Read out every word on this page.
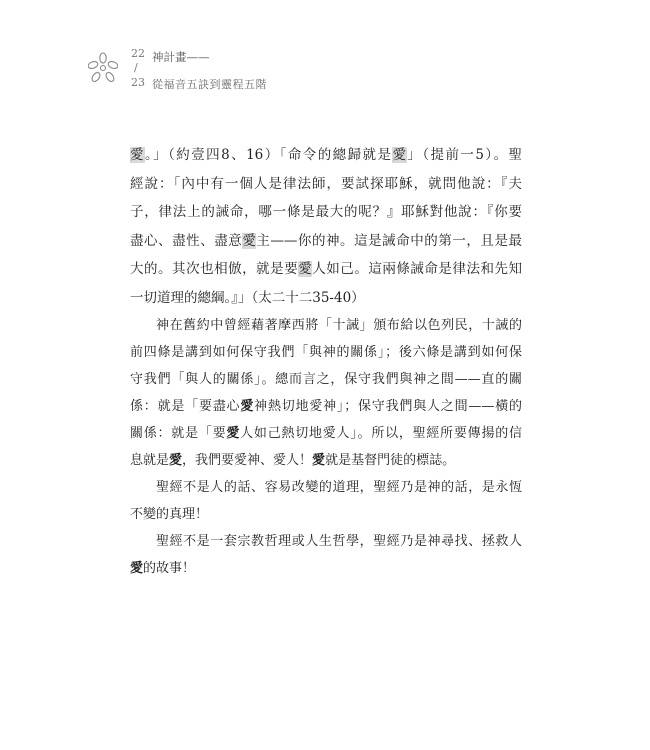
22
/
23
神計畫——
從福音五訣到靈程五階
愛。」（約壹四8、16）「命令的總歸就是愛」（提前一5）。聖
經說：「內中有一個人是律法師，要試探耶穌，就問他說：『夫
子，律法上的誡命，哪一條是最大的呢？』耶穌對他說：『你要
盡心、盡性、盡意愛主——你的神。這是誡命中的第一，且是最
大的。其次也相倣，就是要愛人如己。這兩條誡命是律法和先知
一切道理的總綱。』」（太二十二35-40）
神在舊約中曾經藉著摩西將「十誡」頒布給以色列民，十誡的
前四條是講到如何保守我們「與神的關係」；後六條是講到如何保
守我們「與人的關係」。總而言之，保守我們與神之間——直的關
係：就是「要盡心愛神熱切地愛神」；保守我們與人之間——橫的
關係：就是「要愛人如己熱切地愛人」。所以，聖經所要傳揚的信
息就是愛，我們要愛神、愛人！愛就是基督門徒的標誌。
聖經不是人的話、容易改變的道理，聖經乃是神的話，是永恆
不變的真理！
聖經不是一套宗教哲理或人生哲學，聖經乃是神尋找、拯救人
愛的故事！
